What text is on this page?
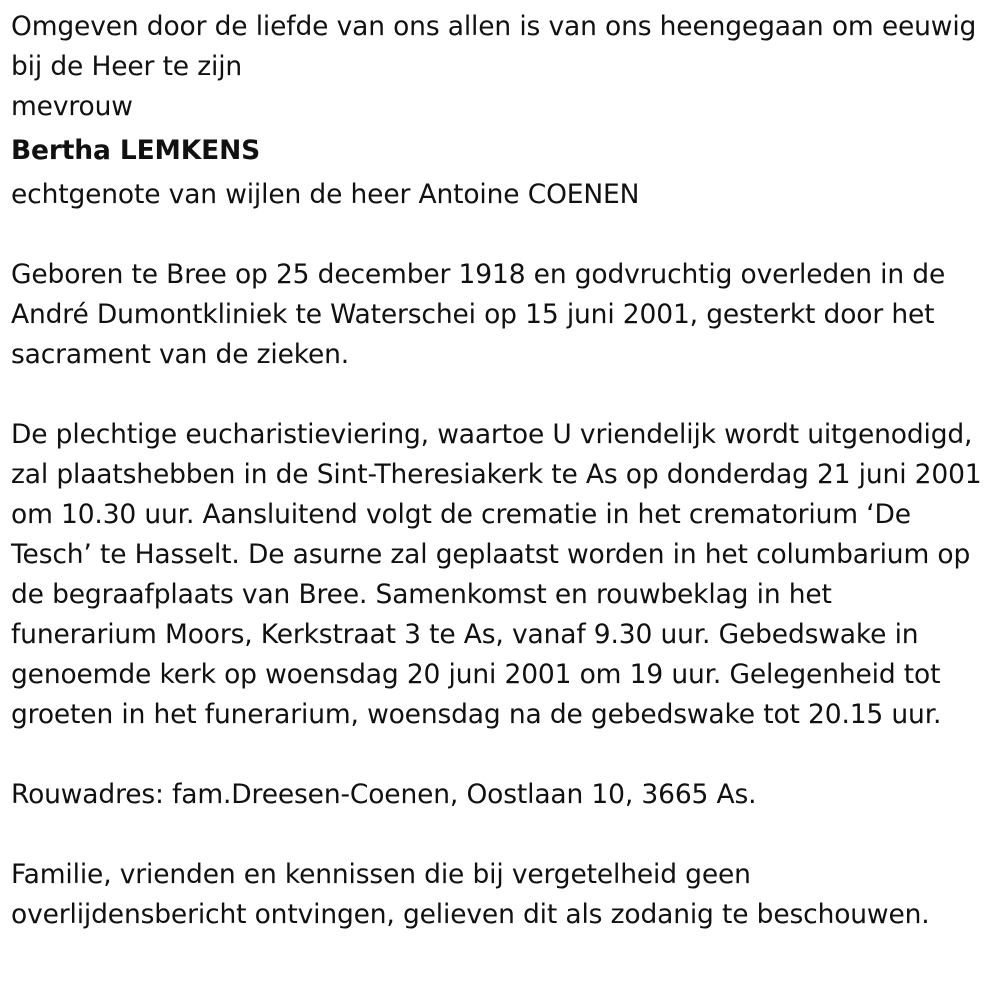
Omgeven door de liefde van ons allen is van ons heengegaan om eeuwig
bij de Heer te zijn

mevrouw

Bertha LEMKENS

echtgenote van wijlen de heer Antoine COENEN

Geboren te Bree op 25 december 1918 en godvruchtig overleden in de
André Dumontkliniek te Waterschei op 15 juni 2001, gesterkt door het
sacrament van de zieken.

De plechtige eucharistieviering, waartoe U vriendelijk wordt uitgenodigd,
zal plaatshebben in de Sint-Theresiakerk te As op donderdag 21 juni 2001
om 10.30 uur. Aansluitend volgt de crematie in het crematorium ‘De
Tesch’ te Hasselt. De asurne zal geplaatst worden in het columbarium op
de begraafplaats van Bree. Samenkomst en rouwbeklag in het
funerarium Moors, Kerkstraat 3 te As, vanaf 9.30 uur. Gebedswake in
genoemde kerk op woensdag 20 juni 2001 om 19 uur. Gelegenheid tot
groeten in het funerarium, woensdag na de gebedswake tot 20.15 uur.

Rouwadres: fam.Dreesen-Coenen, Oostlaan 10, 3665 As.

Familie, vrienden en kennissen die bij vergetelheid geen
overlijdensbericht ontvingen, gelieven dit als zodanig te beschouwen.
